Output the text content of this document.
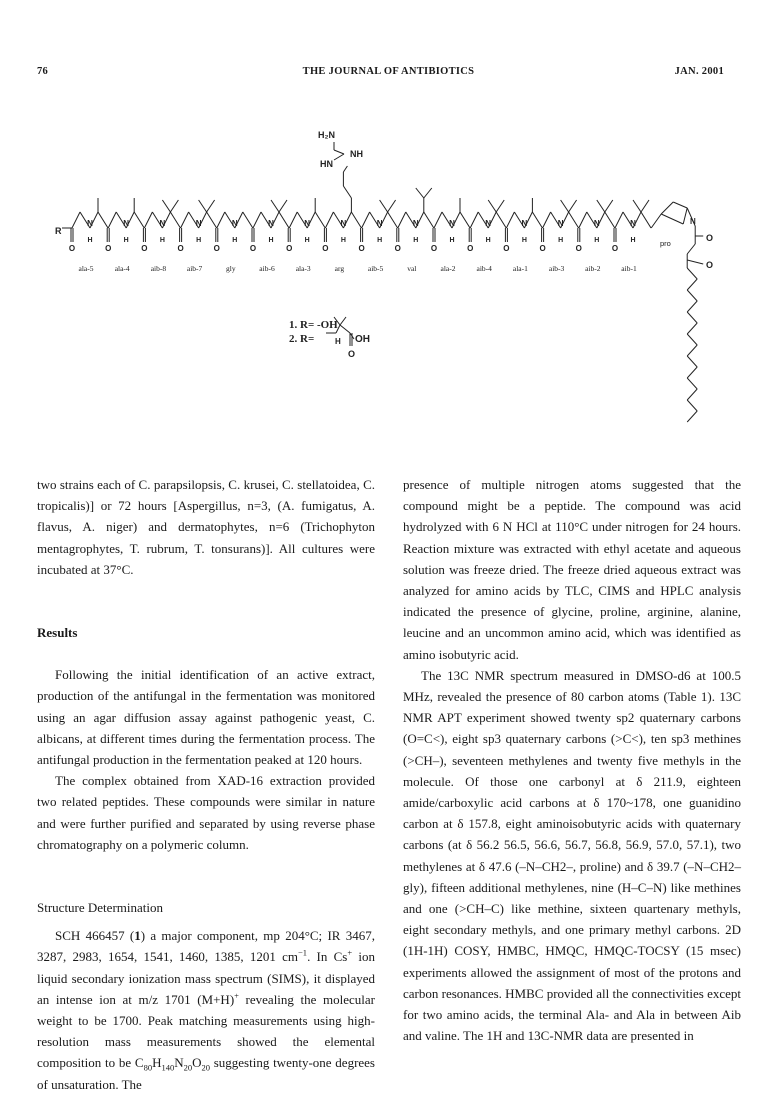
76	THE JOURNAL OF ANTIBIOTICS	JAN. 2001
O
N
H
ala-5
O
N
H
ala-4
O
N
H
aib-8
O
N
H
aib-7
O
N
H
gly
O
N
H
aib-6
O
N
H
ala-3
O
N
H
arg
O
N
H
aib-5
O
N
H
val
O
N
H
ala-2
O
N
H
aib-4
O
N
H
ala-1
O
N
H
aib-3
O
N
H
aib-2
O
N
H
aib-1
H₂N
NH
HN
R
pro
1. R= -OH
2. R=	OH
H
O
O
O
N

two strains each of C. parapsilopsis, C. krusei, C. stellatoidea, C. tropicalis)] or 72 hours [Aspergillus, n=3, (A. fumigatus, A. flavus, A. niger) and dermatophytes, n=6 (Trichophyton mentagrophytes, T. rubrum, T. tonsurans)]. All cultures were incubated at 37°C.

Results

Following the initial identification of an active extract, production of the antifungal in the fermentation was monitored using an agar diffusion assay against pathogenic yeast, C. albicans, at different times during the fermentation process. The antifungal production in the fermentation peaked at 120 hours.

The complex obtained from XAD-16 extraction provided two related peptides. These compounds were similar in nature and were further purified and separated by using reverse phase chromatography on a polymeric column.

Structure Determination

SCH 466457 (1) a major component, mp 204°C; IR 3467, 3287, 2983, 1654, 1541, 1460, 1385, 1201 $cm^{-1}$. In Cs+ ion liquid secondary ionization mass spectrum (SIMS), it displayed an intense ion at m/z 1701 (M+H)+ revealing the molecular weight to be 1700. Peak matching measurements using high-resolution mass measurements showed the elemental composition to be $C_{80}H_{140}N_{20}O_{20}$ suggesting twenty-one degrees of unsaturation. The

presence of multiple nitrogen atoms suggested that the compound might be a peptide. The compound was acid hydrolyzed with 6 N HCl at 110°C under nitrogen for 24 hours. Reaction mixture was extracted with ethyl acetate and aqueous solution was freeze dried. The freeze dried aqueous extract was analyzed for amino acids by TLC, CIMS and HPLC analysis indicated the presence of glycine, proline, arginine, alanine, leucine and an uncommon amino acid, which was identified as amino isobutyric acid.

The 13C NMR spectrum measured in DMSO-d6 at 100.5 MHz, revealed the presence of 80 carbon atoms (Table 1). 13C NMR APT experiment showed twenty sp2 quaternary carbons (O=C<), eight sp3 quaternary carbons (>C<), ten sp3 methines (>CH–), seventeen methylenes and twenty five methyls in the molecule. Of those one carbonyl at δ 211.9, eighteen amide/carboxylic acid carbons at δ 170~178, one guanidino carbon at δ 157.8, eight aminoisobutyric acids with quaternary carbons (at δ 56.2 56.5, 56.6, 56.7, 56.8, 56.9, 57.0, 57.1), two methylenes at δ 47.6 (–N–CH2–, proline) and δ 39.7 (–N–CH2– gly), fifteen additional methylenes, nine (H–C–N) like methines and one (>CH–C) like methine, sixteen quartenary methyls, eight secondary methyls, and one primary methyl carbons. 2D (1H-1H) COSY, HMBC, HMQC, HMQC-TOCSY (15 msec) experiments allowed the assignment of most of the protons and carbon resonances. HMBC provided all the connectivities except for two amino acids, the terminal Ala- and Ala in between Aib and valine. The 1H and 13C-NMR data are presented in
